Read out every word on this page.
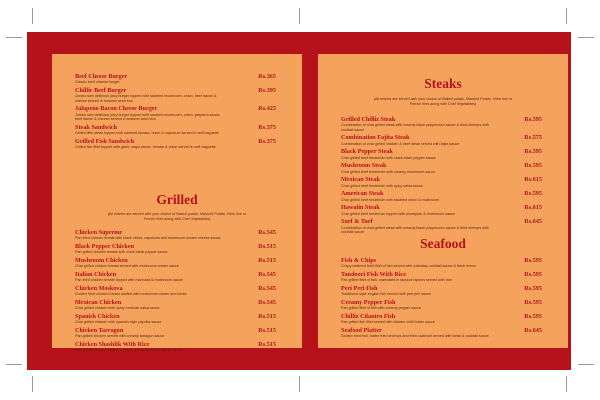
Beef Cheese Burger	Rs.365
Classic beef cheese burger
Chillic Beef Burger	Rs.395
Jumbo size delicious juicy burger topped with sauteed mushroom, onion, beef bacon & cheese served in sesame seed bun
Jalapeno Bacon Cheese Burger	Rs.425
Jumbo size delicious juicy burger topped with sauteed mushroom, onion, jalapeno sauce, beef bacon & cheese served in sesame seed bun
Steak Sandwich	Rs.375
Grilled fillet steak topped with sauteed tomato, onion & capsicum served in soft baguette
Grilled Fish Sandwich	Rs.375
Grilled fish fillet topped with garlic mayo sauce, tomato & onion served in soft baguette
Grilled
(All entries are served with your choice of Baked potato, Mashed Potato, Herb rice or French fries along with Chef Vegetables)
Chicken Supreme	Rs.545
Pan fried chicken breast with black olives, capsicum and mushroom cream cheese sauce
Black Pepper Chicken	Rs.515
Pan grilled chicken breast with crack black pepper sauce
Mushroom Chicken	Rs.515
Char grilled chicken breast served with mushroom cream sauce
Italian Chicken	Rs.545
Pan fried chicken breast topped with marinara & mushroom sauce
Chicken Moskova	Rs.545
Golden fried chicken breast stuffed with mushroom cream and herbs
Mexican Chicken	Rs.545
Char grilled chicken with spicy mexican salsa sauce
Spanish Chicken	Rs.515
Char grilled chicken with spanish style paprika sauce
Chicken Tarragon	Rs.515
Pan grilled chicken served with creamy tarragon sauce
Chicken Shashlik With Rice	Rs.515
Pan grilled chicken served in sweet and spicy tomato garlic sauce
Steaks
(All entries are served with your choice of Baked potato, Mashed Potato, Herb rice or French fries along with Chef Vegetables)
Grilled Chilliz Steak	Rs.595
Combination of char grilled steak with creamy black peppercorn sauce & fried shrimps with cocktail sauce
Combination Fajita Steak	Rs.575
Combination of char grilled chicken & beef steak served with fajita sauce
Black Pepper Steak	Rs.595
Char grilled beef tenderloin with crack black pepper sauce
Mushroom Steak	Rs.595
Char grilled beef tenderloin with creamy mushroom sauce
Mexican Steak	Rs.615
Char grilled beef tenderloin with spicy salsa sauce
American Steak	Rs.595
Char grilled beef tenderloin with sauteed onion & mushroom
Hawaiin Steak	Rs.615
Char grilled beef tenderloin topped with pineapple & mushroom sauce
Surf & Turf	Rs.645
Combination of char grilled steak with creamy black peppercorn sauce & fried shrimps with cocktail sauce
Seafood
Fish & Chips	Rs.595
Crispy battered fried fillet of fish served with coleslaw, cocktail sauce & fresh lemon
Tandoori Fish With Rice	Rs.595
Pan grilled fillet of fish, marinated in tandoori spices served with rice
Peri Peri Fish	Rs.595
Traditional style english fish served with peri peri sauce
Creamy Pepper Fish	Rs.595
Pan grilled fillet of fish with creamy pepper sauce
Chilliz Cilantro Fish	Rs.595
Pan grilled fish fillet served with cilantro chilli butter sauce
Seafood Platter	Rs.645
Golden fried fish, butter fried shrimps and fried calamari served with tartar & cocktail sauce
